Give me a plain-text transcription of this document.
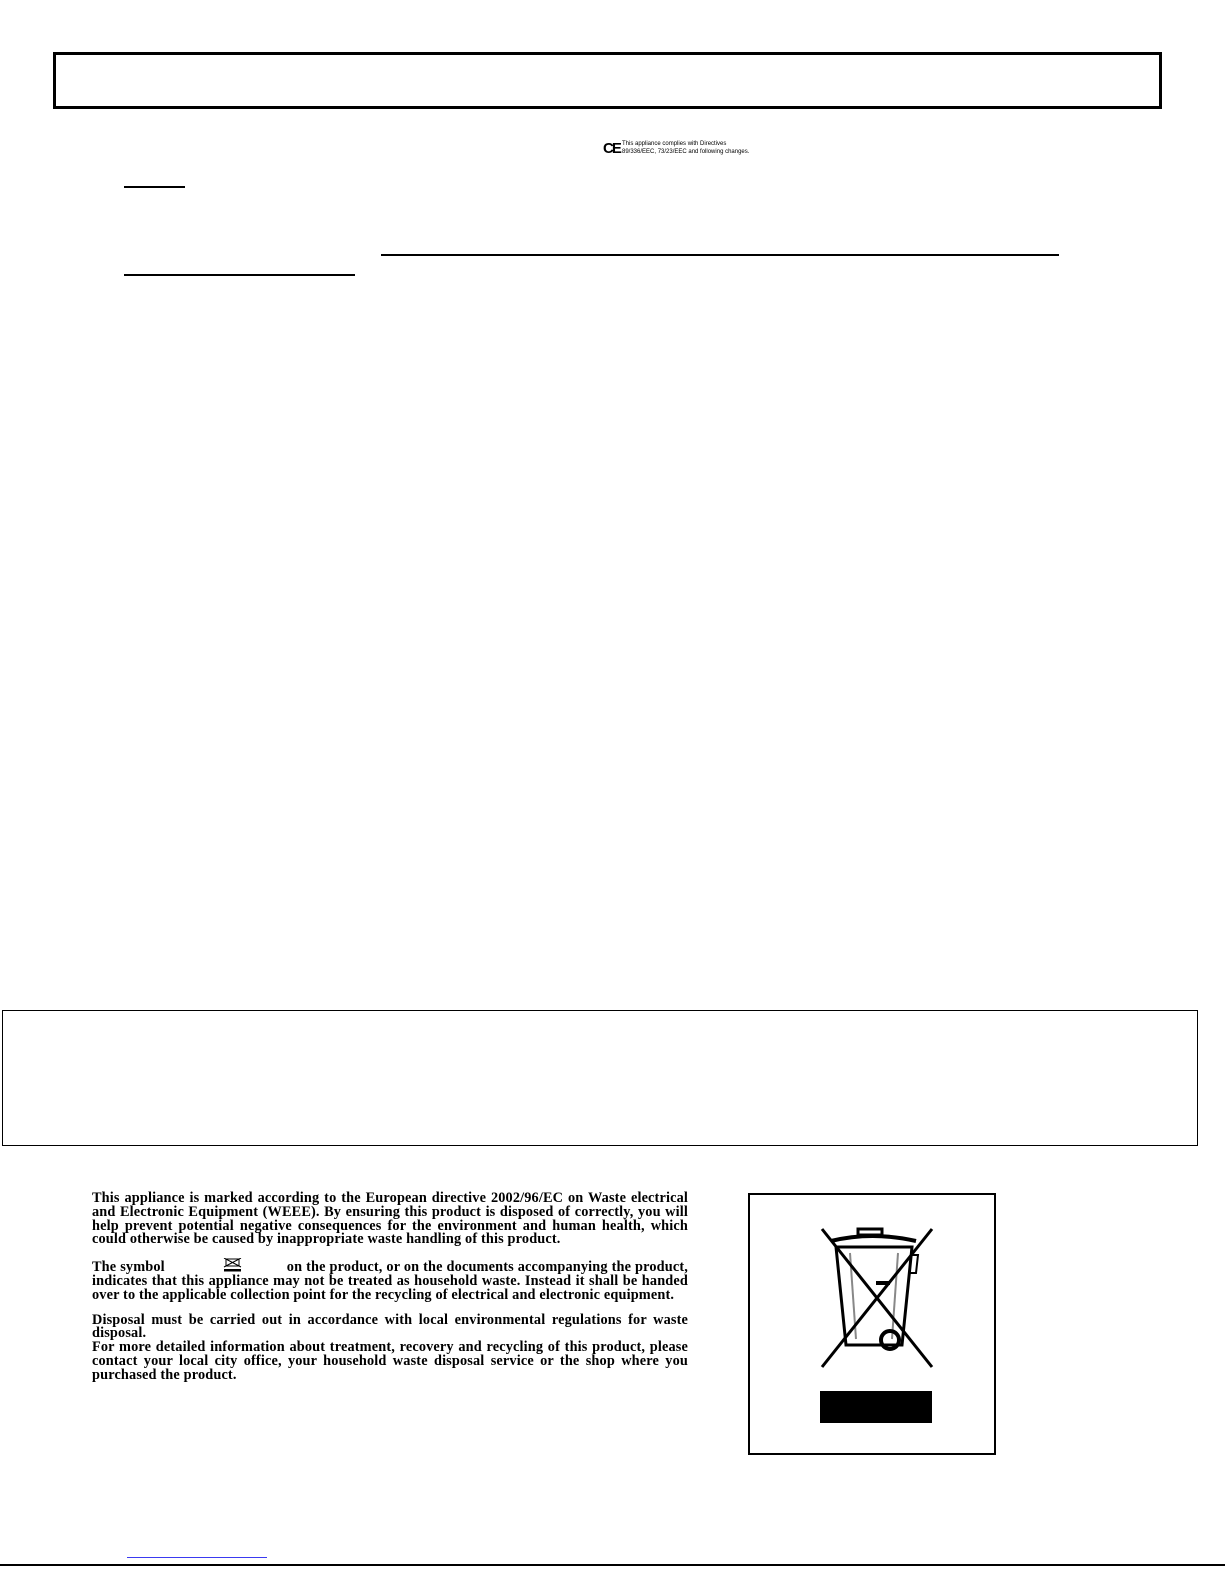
CE This appliance complies with Directives
89/336/EEC, 73/23/EEC and following changes.

This appliance is marked according to the European directive 2002/96/EC on Waste electrical and Electronic Equipment (WEEE). By ensuring this product is disposed of correctly, you will help prevent potential negative consequences for the environment and human health, which could otherwise be caused by inappropriate waste handling of this product.

The symbol	on the product, or on the documents accompanying the product, indicates that this appliance may not be treated as household waste. Instead it shall be handed over to the applicable collection point for the recycling of electrical and electronic equipment.

Disposal must be carried out in accordance with local environmental regulations for waste disposal.

For more detailed information about treatment, recovery and recycling of this product, please contact your local city office, your household waste disposal service or the shop where you purchased the product.
